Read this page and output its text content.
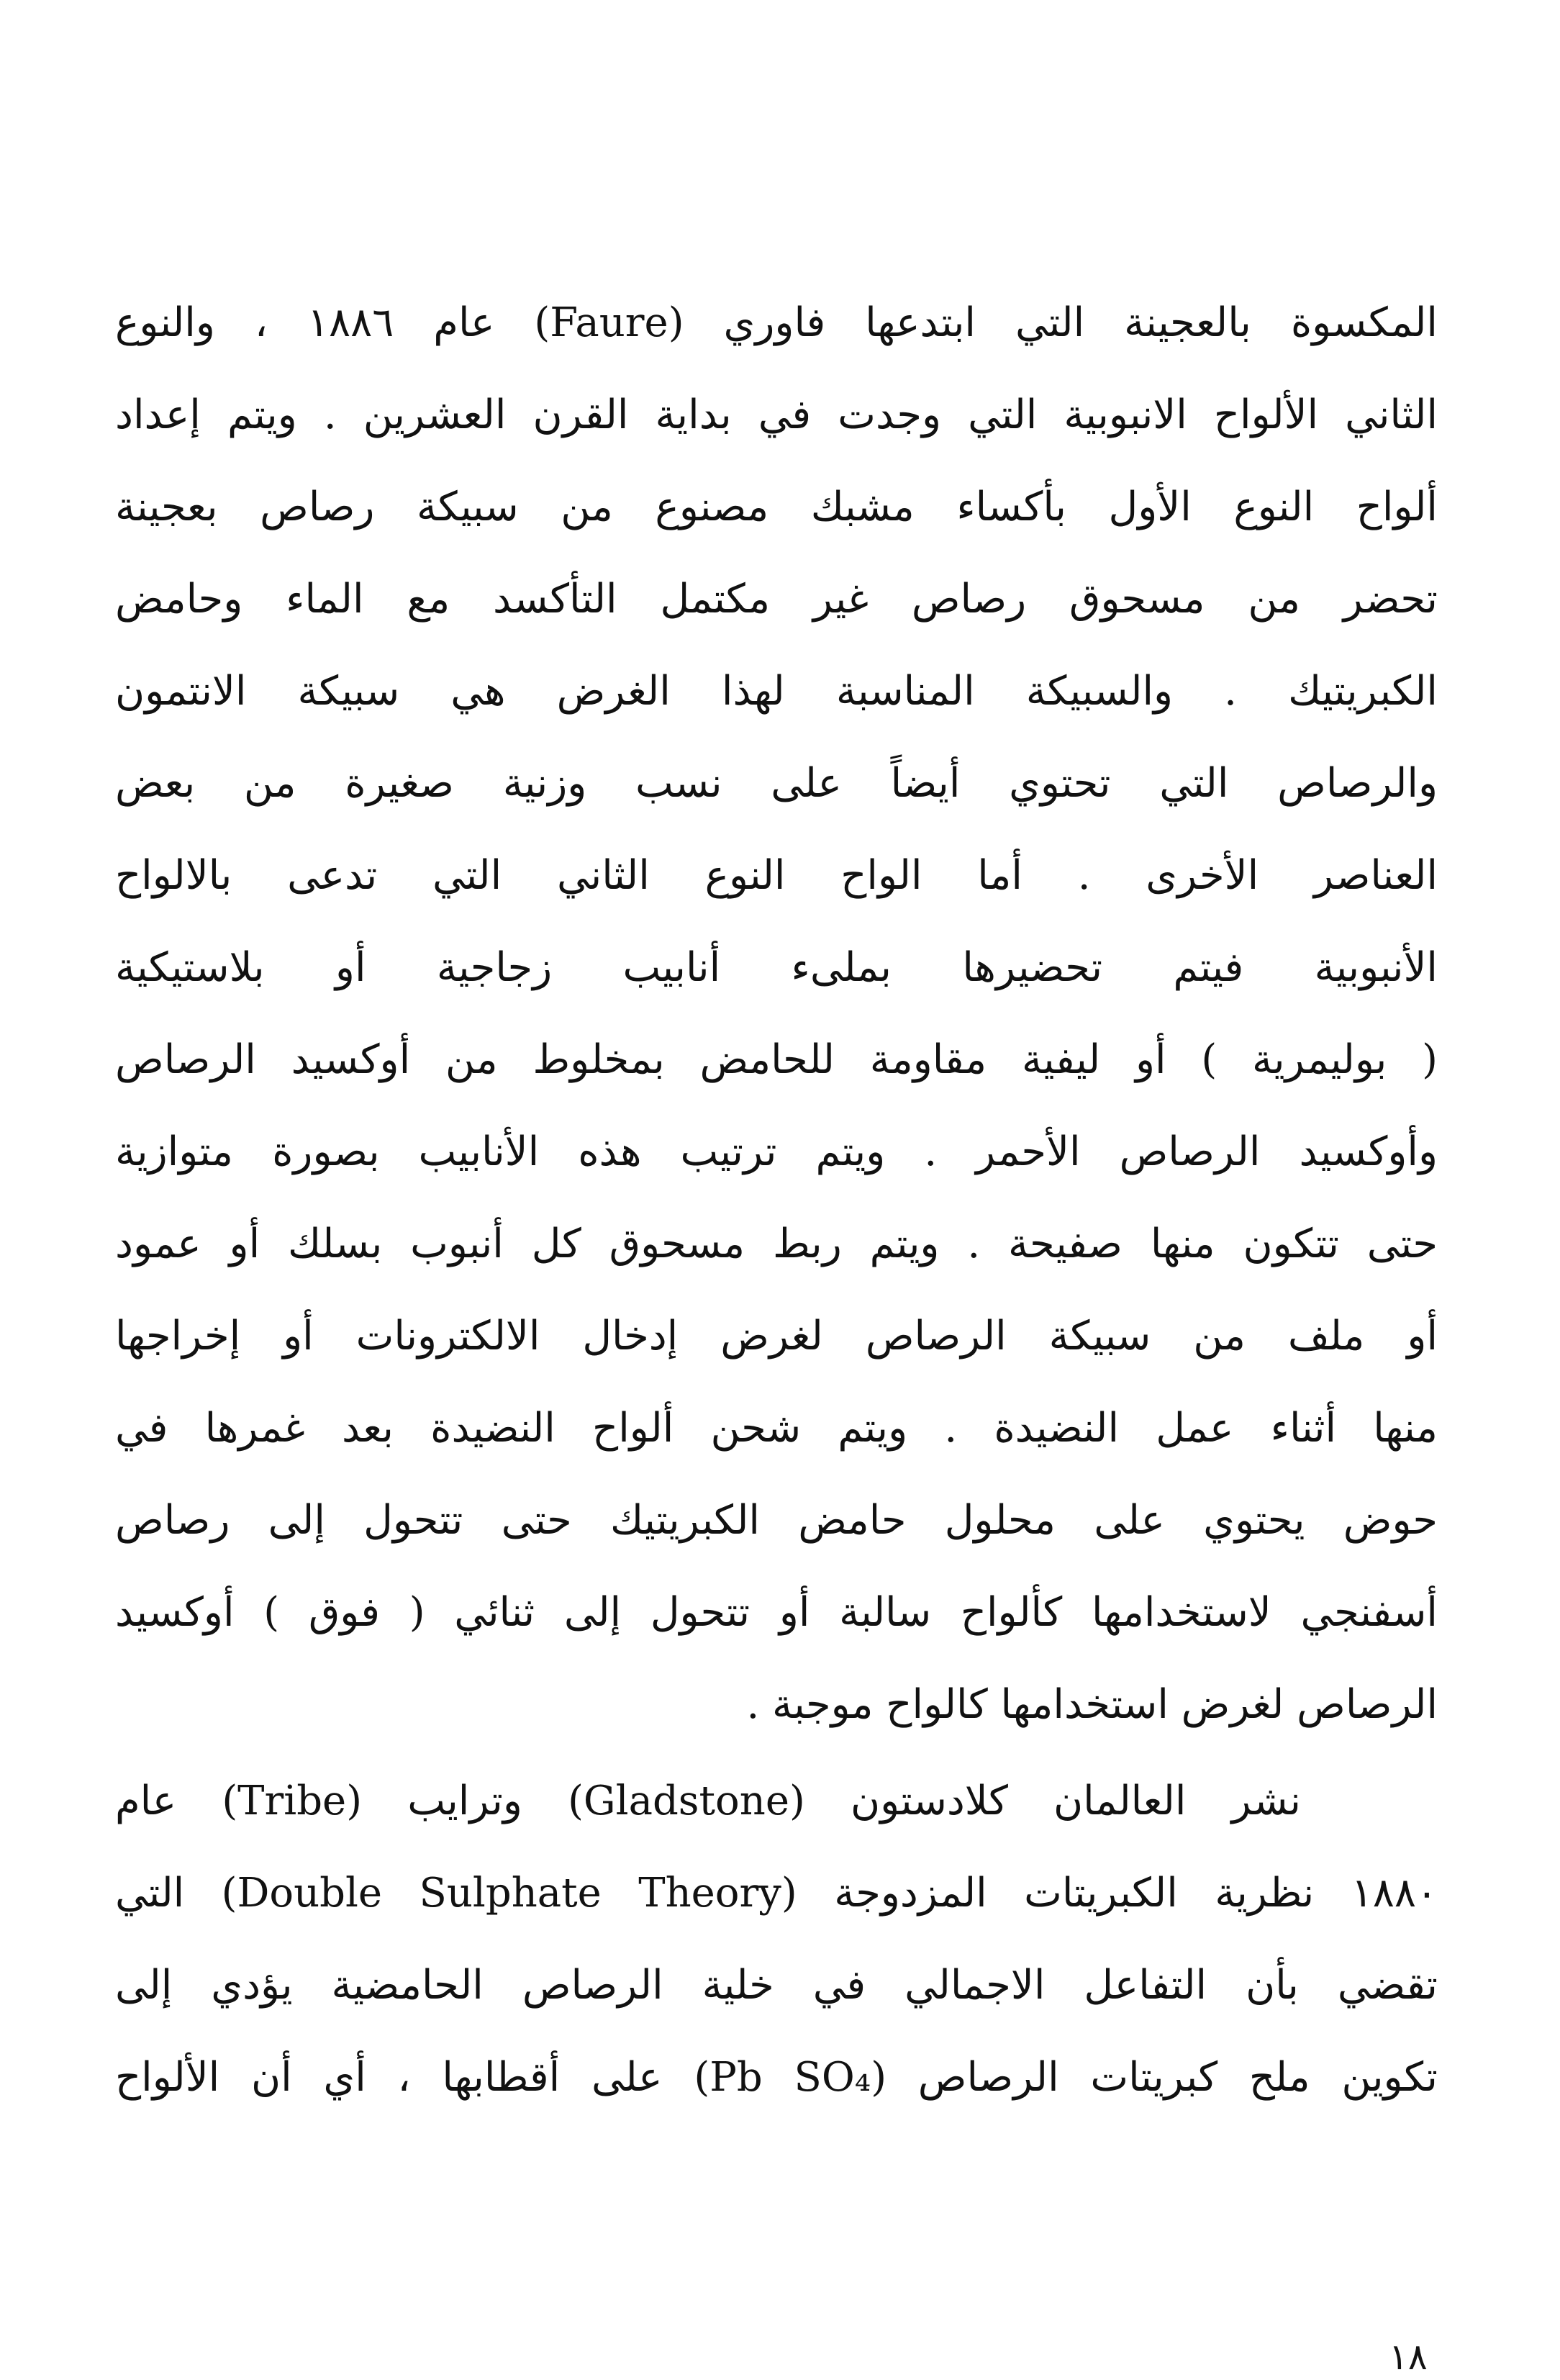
المكسوة بالعجينة التي ابتدعها فاوري (Faure) عام ١٨٨٦ ، والنوع
الثاني الألواح الانبوبية التي وجدت في بداية القرن العشرين . ويتم إعداد
ألواح النوع الأول بأكساء مشبك مصنوع من سبيكة رصاص بعجينة
تحضر من مسحوق رصاص غير مكتمل التأكسد مع الماء وحامض
الكبريتيك . والسبيكة المناسبة لهذا الغرض هي سبيكة الانتمون
والرصاص التي تحتوي أيضاً على نسب وزنية صغيرة من بعض
العناصر الأخرى . أما الواح النوع الثاني التي تدعى بالالواح
الأنبوبية فيتم تحضيرها بملىء أنابيب زجاجية أو بلاستيكية
( بوليمرية ) أو ليفية مقاومة للحامض بمخلوط من أوكسيد الرصاص
وأوكسيد الرصاص الأحمر . ويتم ترتيب هذه الأنابيب بصورة متوازية
حتى تتكون منها صفيحة . ويتم ربط مسحوق كل أنبوب بسلك أو عمود
أو ملف من سبيكة الرصاص لغرض إدخال الالكترونات أو إخراجها
منها أثناء عمل النضيدة . ويتم شحن ألواح النضيدة بعد غمرها في
حوض يحتوي على محلول حامض الكبريتيك حتى تتحول إلى رصاص
أسفنجي لاستخدامها كألواح سالبة أو تتحول إلى ثنائي ( فوق ) أوكسيد
الرصاص لغرض استخدامها كالواح موجبة .
نشر العالمان كلادستون (Gladstone) وترايب (Tribe) عام
١٨٨٠ نظرية الكبريتات المزدوجة (Double Sulphate Theory) التي
تقضي بأن التفاعل الاجمالي في خلية الرصاص الحامضية يؤدي إلى
تكوين ملح كبريتات الرصاص (Pb SO₄) على أقطابها ، أي أن الألواح
١٨
